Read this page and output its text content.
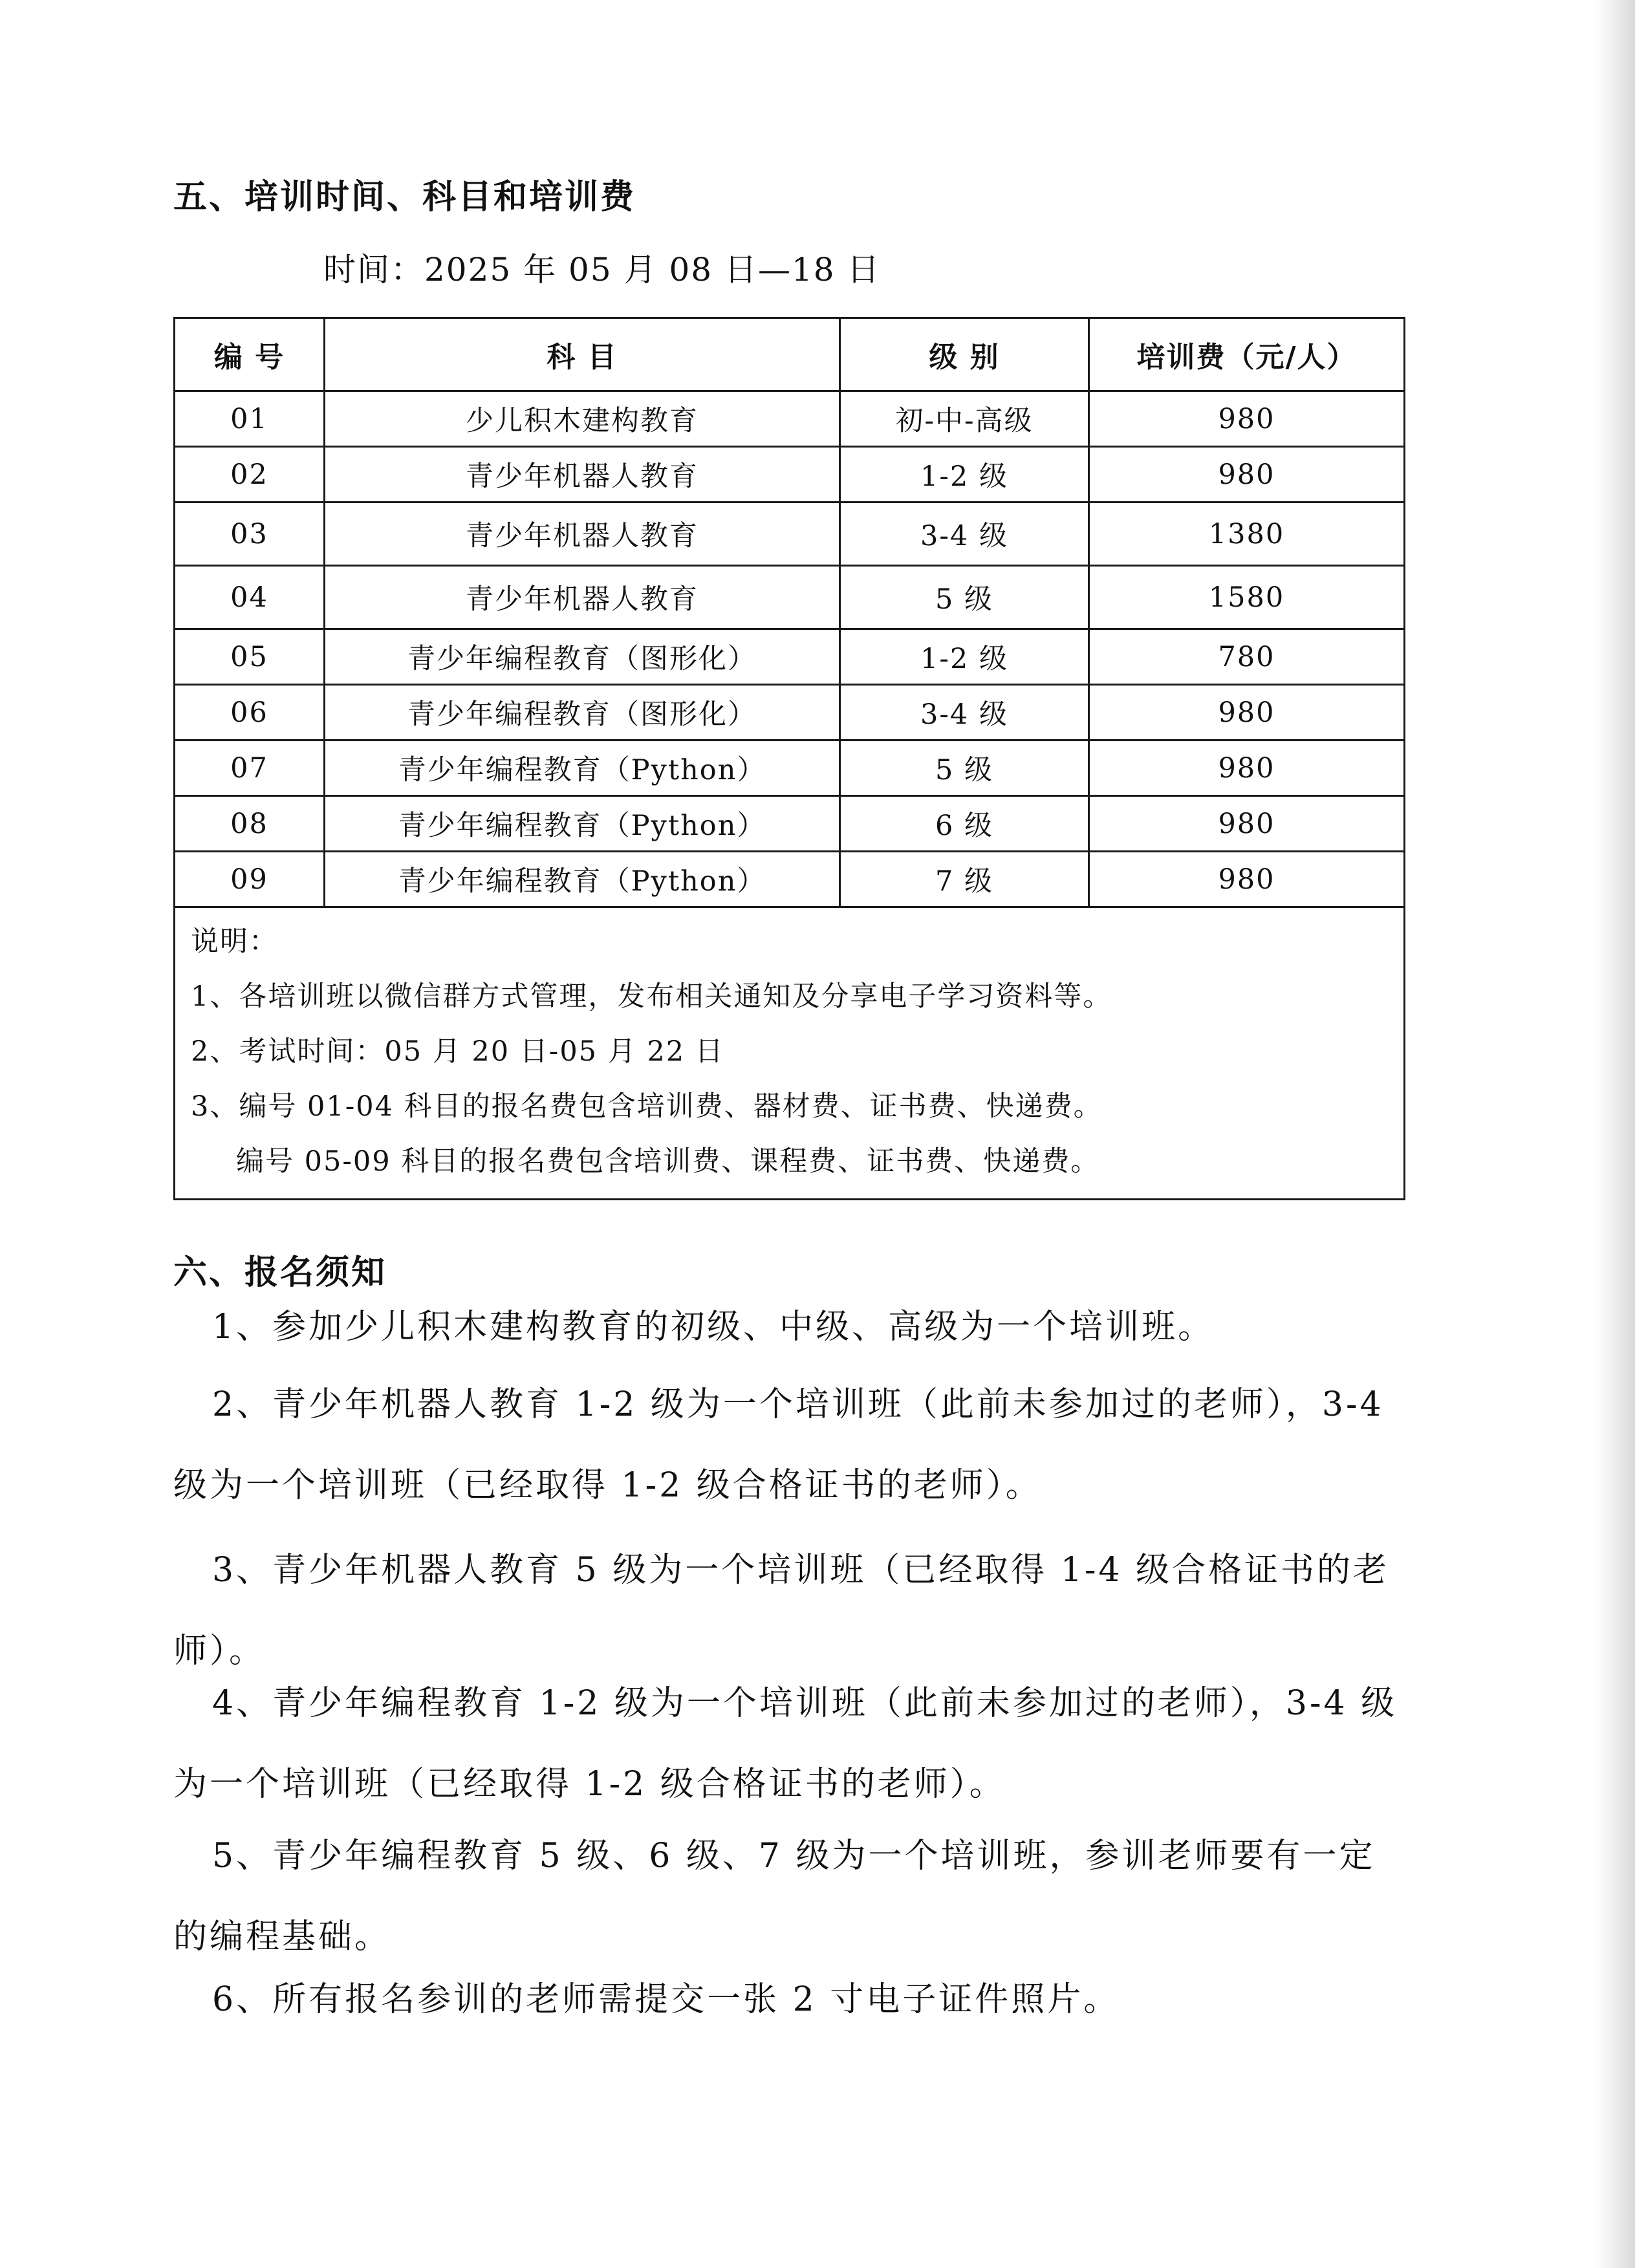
五、培训时间、科目和培训费
时间：2025 年 05 月 08 日—18 日
编 号	科 目	级 别	培训费（元/人）
01	少儿积木建构教育	初-中-高级	980
02	青少年机器人教育	1-2 级	980
03	青少年机器人教育	3-4 级	1380
04	青少年机器人教育	5 级	1580
05	青少年编程教育（图形化）	1-2 级	780
06	青少年编程教育（图形化）	3-4 级	980
07	青少年编程教育（Python）	5 级	980
08	青少年编程教育（Python）	6 级	980
09	青少年编程教育（Python）	7 级	980

说明：
1、各培训班以微信群方式管理，发布相关通知及分享电子学习资料等。
2、考试时间：05 月 20 日-05 月 22 日
3、编号 01-04 科目的报名费包含培训费、器材费、证书费、快递费。
编号 05-09 科目的报名费包含培训费、课程费、证书费、快递费。			
六、报名须知
1、参加少儿积木建构教育的初级、中级、高级为一个培训班。
2、青少年机器人教育 1-2 级为一个培训班（此前未参加过的老师），3-4 级为一个培训班（已经取得 1-2 级合格证书的老师）。
3、青少年机器人教育 5 级为一个培训班（已经取得 1-4 级合格证书的老师）。
4、青少年编程教育 1-2 级为一个培训班（此前未参加过的老师），3-4 级为一个培训班（已经取得 1-2 级合格证书的老师）。
5、青少年编程教育 5 级、6 级、7 级为一个培训班，参训老师要有一定的编程基础。
6、所有报名参训的老师需提交一张 2 寸电子证件照片。
